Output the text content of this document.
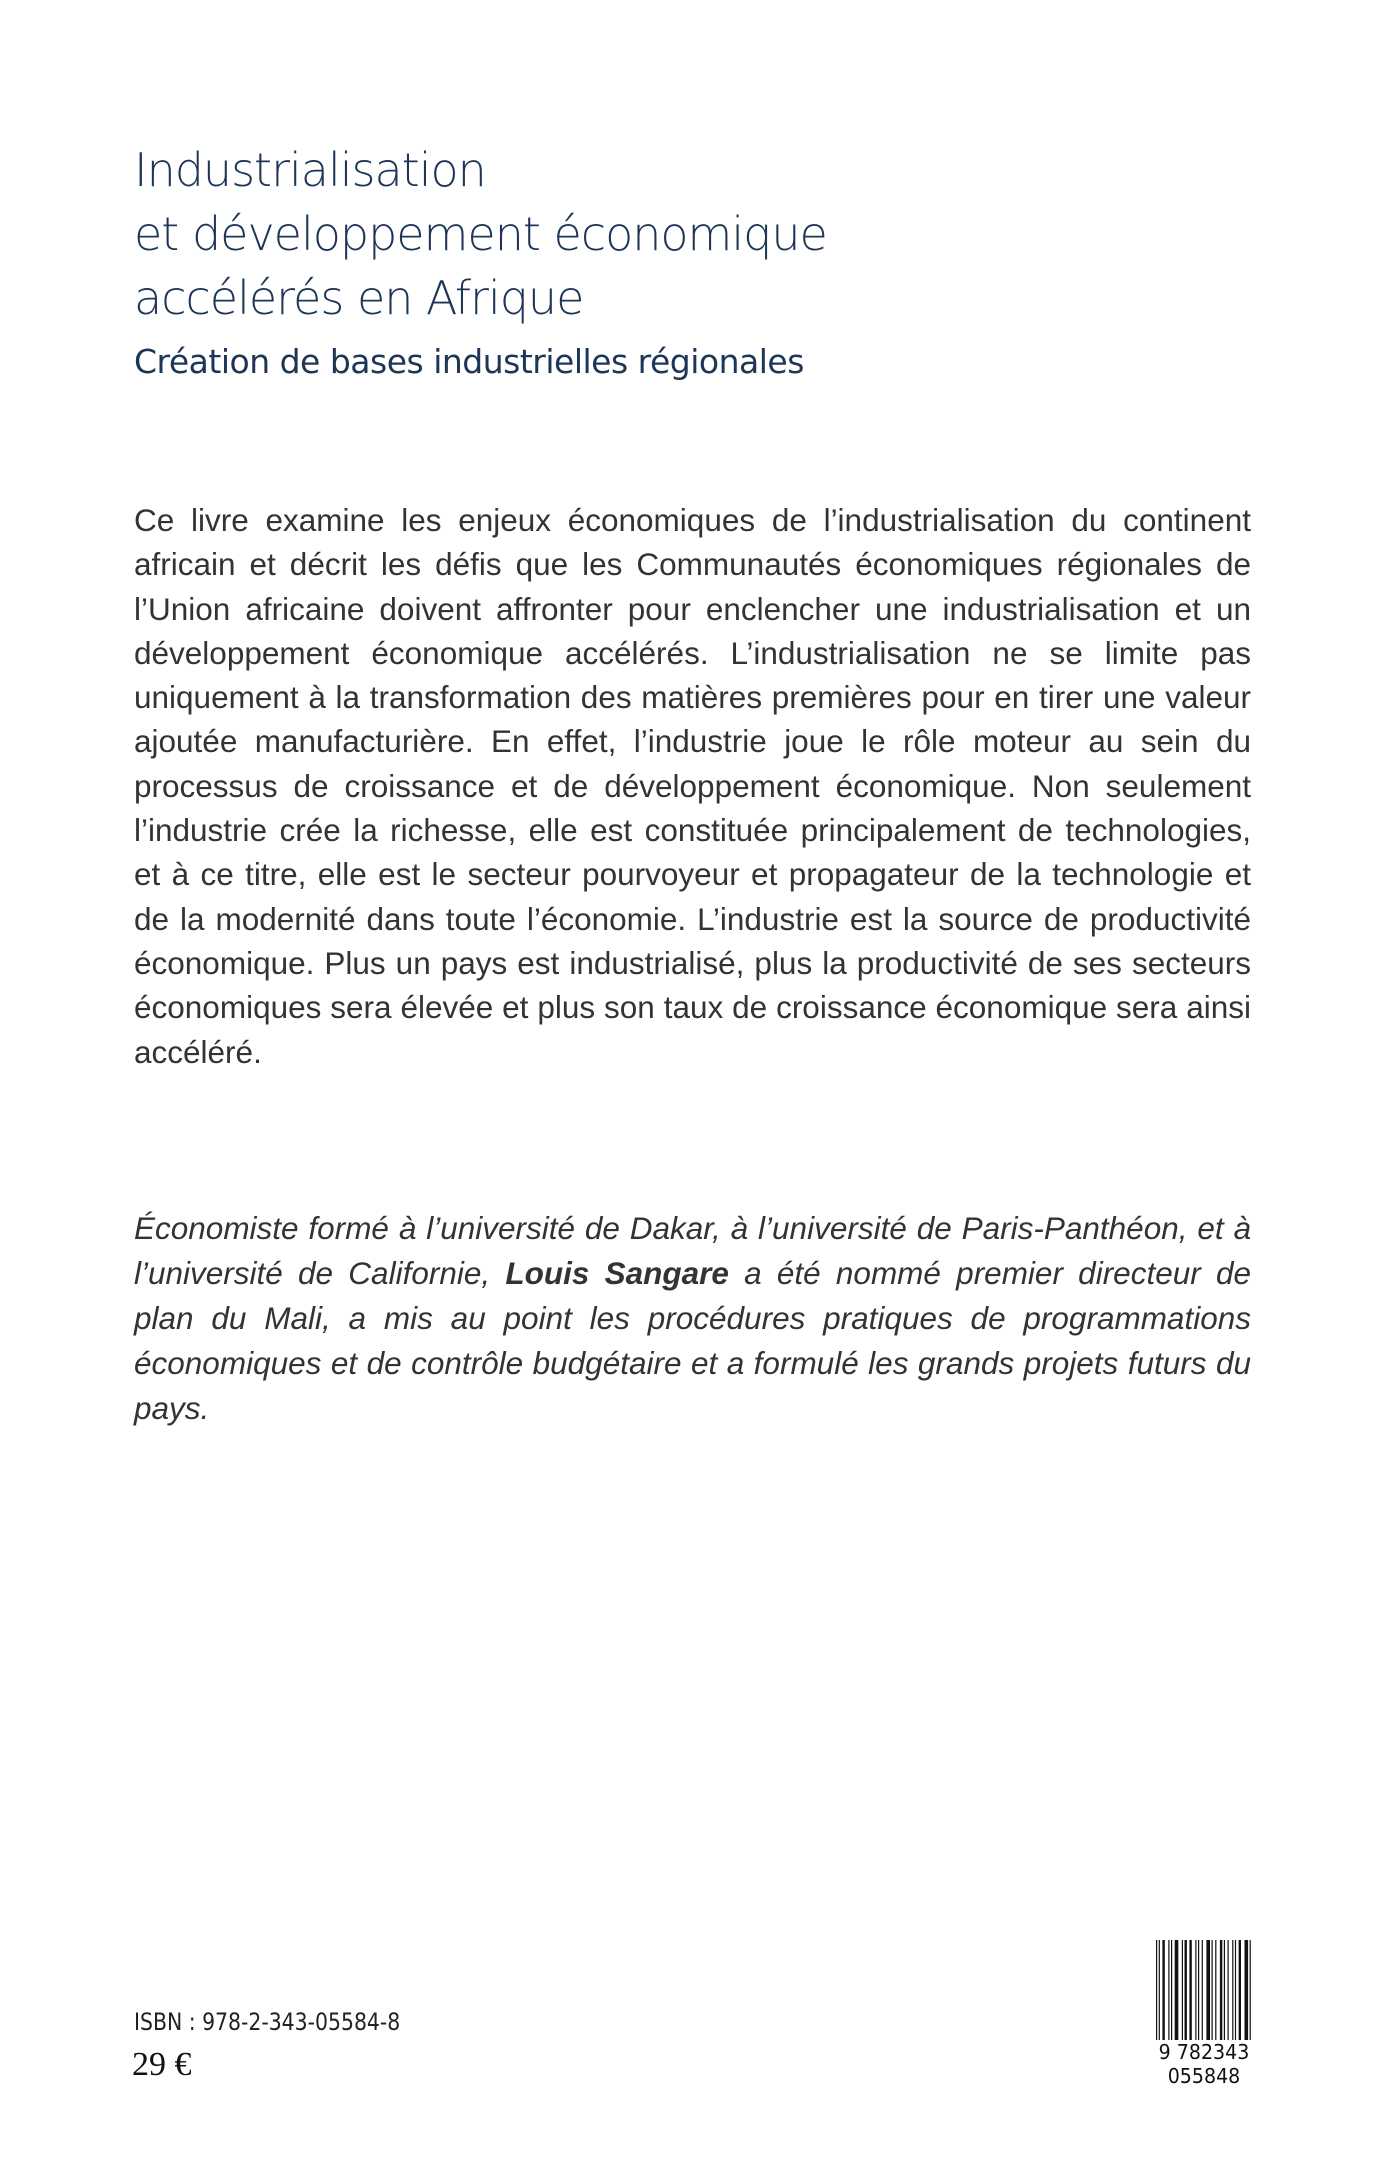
Industrialisation
et développement économique
accélérés en Afrique
Création de bases industrielles régionales
Ce livre examine les enjeux économiques de l’industrialisation du continent africain et décrit les défis que les Communautés économiques régionales de l’Union africaine doivent affronter pour enclencher une industrialisation et un développement économique accélérés. L’industrialisation ne se limite pas uniquement à la transformation des matières premières pour en tirer une valeur ajoutée manufacturière. En effet, l’industrie joue le rôle moteur au sein du processus de croissance et de développement économique. Non seulement l’industrie crée la richesse, elle est constituée principalement de technologies, et à ce titre, elle est le secteur pourvoyeur et propagateur de la technologie et de la modernité dans toute l’économie. L’industrie est la source de productivité économique. Plus un pays est industrialisé, plus la productivité de ses secteurs économiques sera élevée et plus son taux de croissance économique sera ainsi accéléré.
Économiste formé à l’université de Dakar, à l’université de Paris-Panthéon, et à l’université de Californie, Louis Sangare a été nommé premier directeur de plan du Mali, a mis au point les procédures pratiques de programmations économiques et de contrôle budgétaire et a formulé les grands projets futurs du pays.
ISBN : 978-2-343-05584-8
29 €	9 782343 055848
